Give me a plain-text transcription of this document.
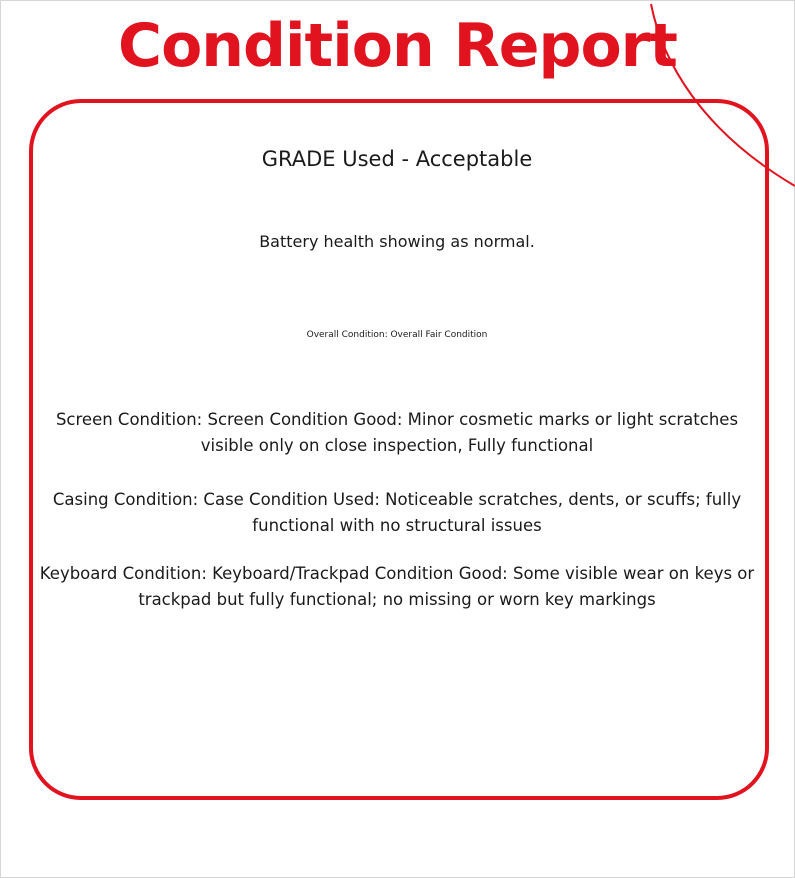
Condition Report

GRADE Used - Acceptable

Battery health showing as normal.

Overall Condition: Overall Fair Condition

Screen Condition: Screen Condition Good: Minor cosmetic marks or light scratches visible only on close inspection, Fully functional

Casing Condition: Case Condition Used: Noticeable scratches, dents, or scuffs; fully functional with no structural issues

Keyboard Condition: Keyboard/Trackpad Condition Good: Some visible wear on keys or trackpad but fully functional; no missing or worn key markings
